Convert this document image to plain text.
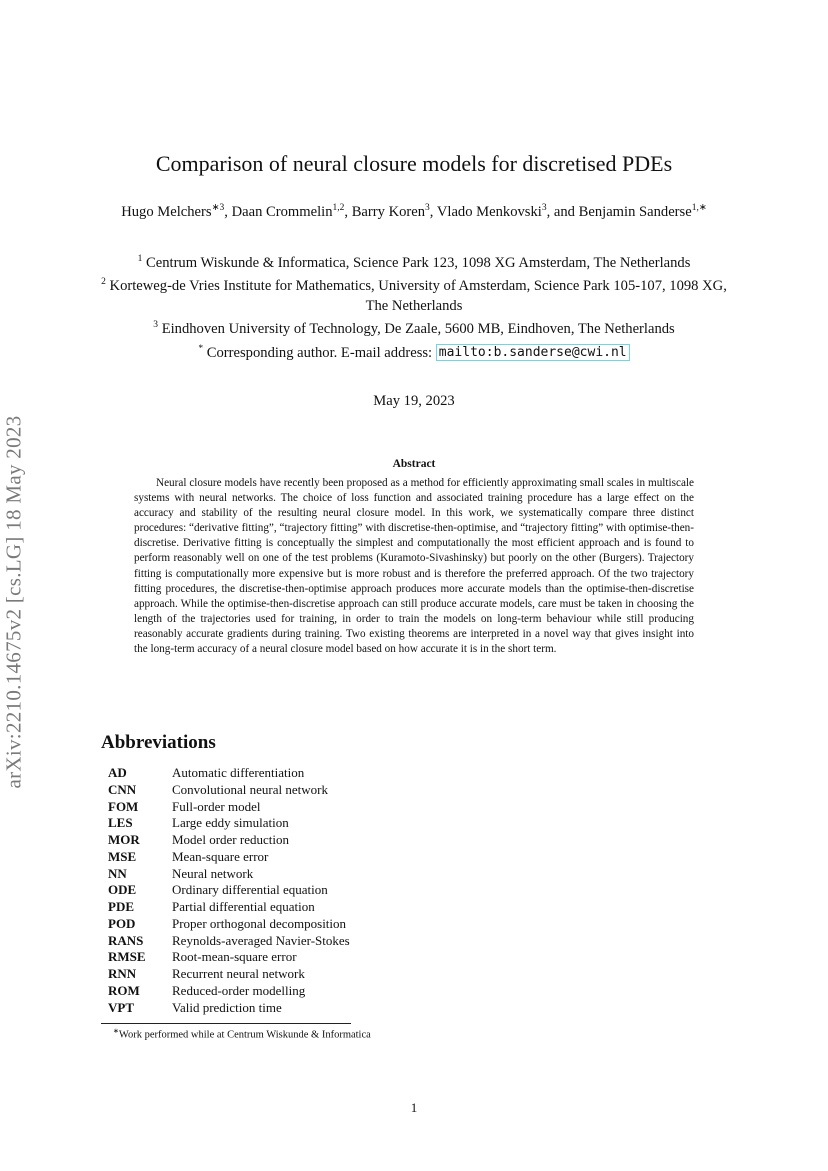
arXiv:2210.14675v2 [cs.LG] 18 May 2023
Comparison of neural closure models for discretised PDEs
Hugo Melchers$^{∗3}$, Daan Crommelin$^{1,2}$, Barry Koren$^3$, Vlado Menkovski$^3$, and Benjamin Sanderse$^{1,∗}$

$^1$ Centrum Wiskunde & Informatica, Science Park 123, 1098 XG Amsterdam, The Netherlands

$^2$ Korteweg-de Vries Institute for Mathematics, University of Amsterdam, Science Park 105-107, 1098 XG, The Netherlands

$^3$ Eindhoven University of Technology, De Zaale, 5600 MB, Eindhoven, The Netherlands

* Corresponding author. E-mail address: mailto:b.sanderse@cwi.nl

May 19, 2023
Abstract

Neural closure models have recently been proposed as a method for efficiently approximating small scales in multiscale systems with neural networks. The choice of loss function and associated training procedure has a large effect on the accuracy and stability of the resulting neural closure model. In this work, we systematically compare three distinct procedures: “derivative fitting”, “trajectory fitting” with discretise-then-optimise, and “trajectory fitting” with optimise-then-discretise. Derivative fitting is conceptually the simplest and computationally the most efficient approach and is found to perform reasonably well on one of the test problems (Kuramoto-Sivashinsky) but poorly on the other (Burgers). Trajectory fitting is computationally more expensive but is more robust and is therefore the preferred approach. Of the two trajectory fitting procedures, the discretise-then-optimise approach produces more accurate models than the optimise-then-discretise approach. While the optimise-then-discretise approach can still produce accurate models, care must be taken in choosing the length of the trajectories used for training, in order to train the models on long-term behaviour while still producing reasonably accurate gradients during training. Two existing theorems are interpreted in a novel way that gives insight into the long-term accuracy of a neural closure model based on how accurate it is in the short term.

Abbreviations
AD	Automatic differentiation
CNN	Convolutional neural network
FOM	Full-order model
LES	Large eddy simulation
MOR Model order reduction
MSE	Mean-square error
NN	Neural network
ODE	Ordinary differential equation
PDE	Partial differential equation
POD	Proper orthogonal decomposition
RANS Reynolds-averaged Navier-Stokes
RMSE Root-mean-square error
RNN	Recurrent neural network
ROM Reduced-order modelling
VPT	Valid prediction time
∗Work performed while at Centrum Wiskunde & Informatica
1
